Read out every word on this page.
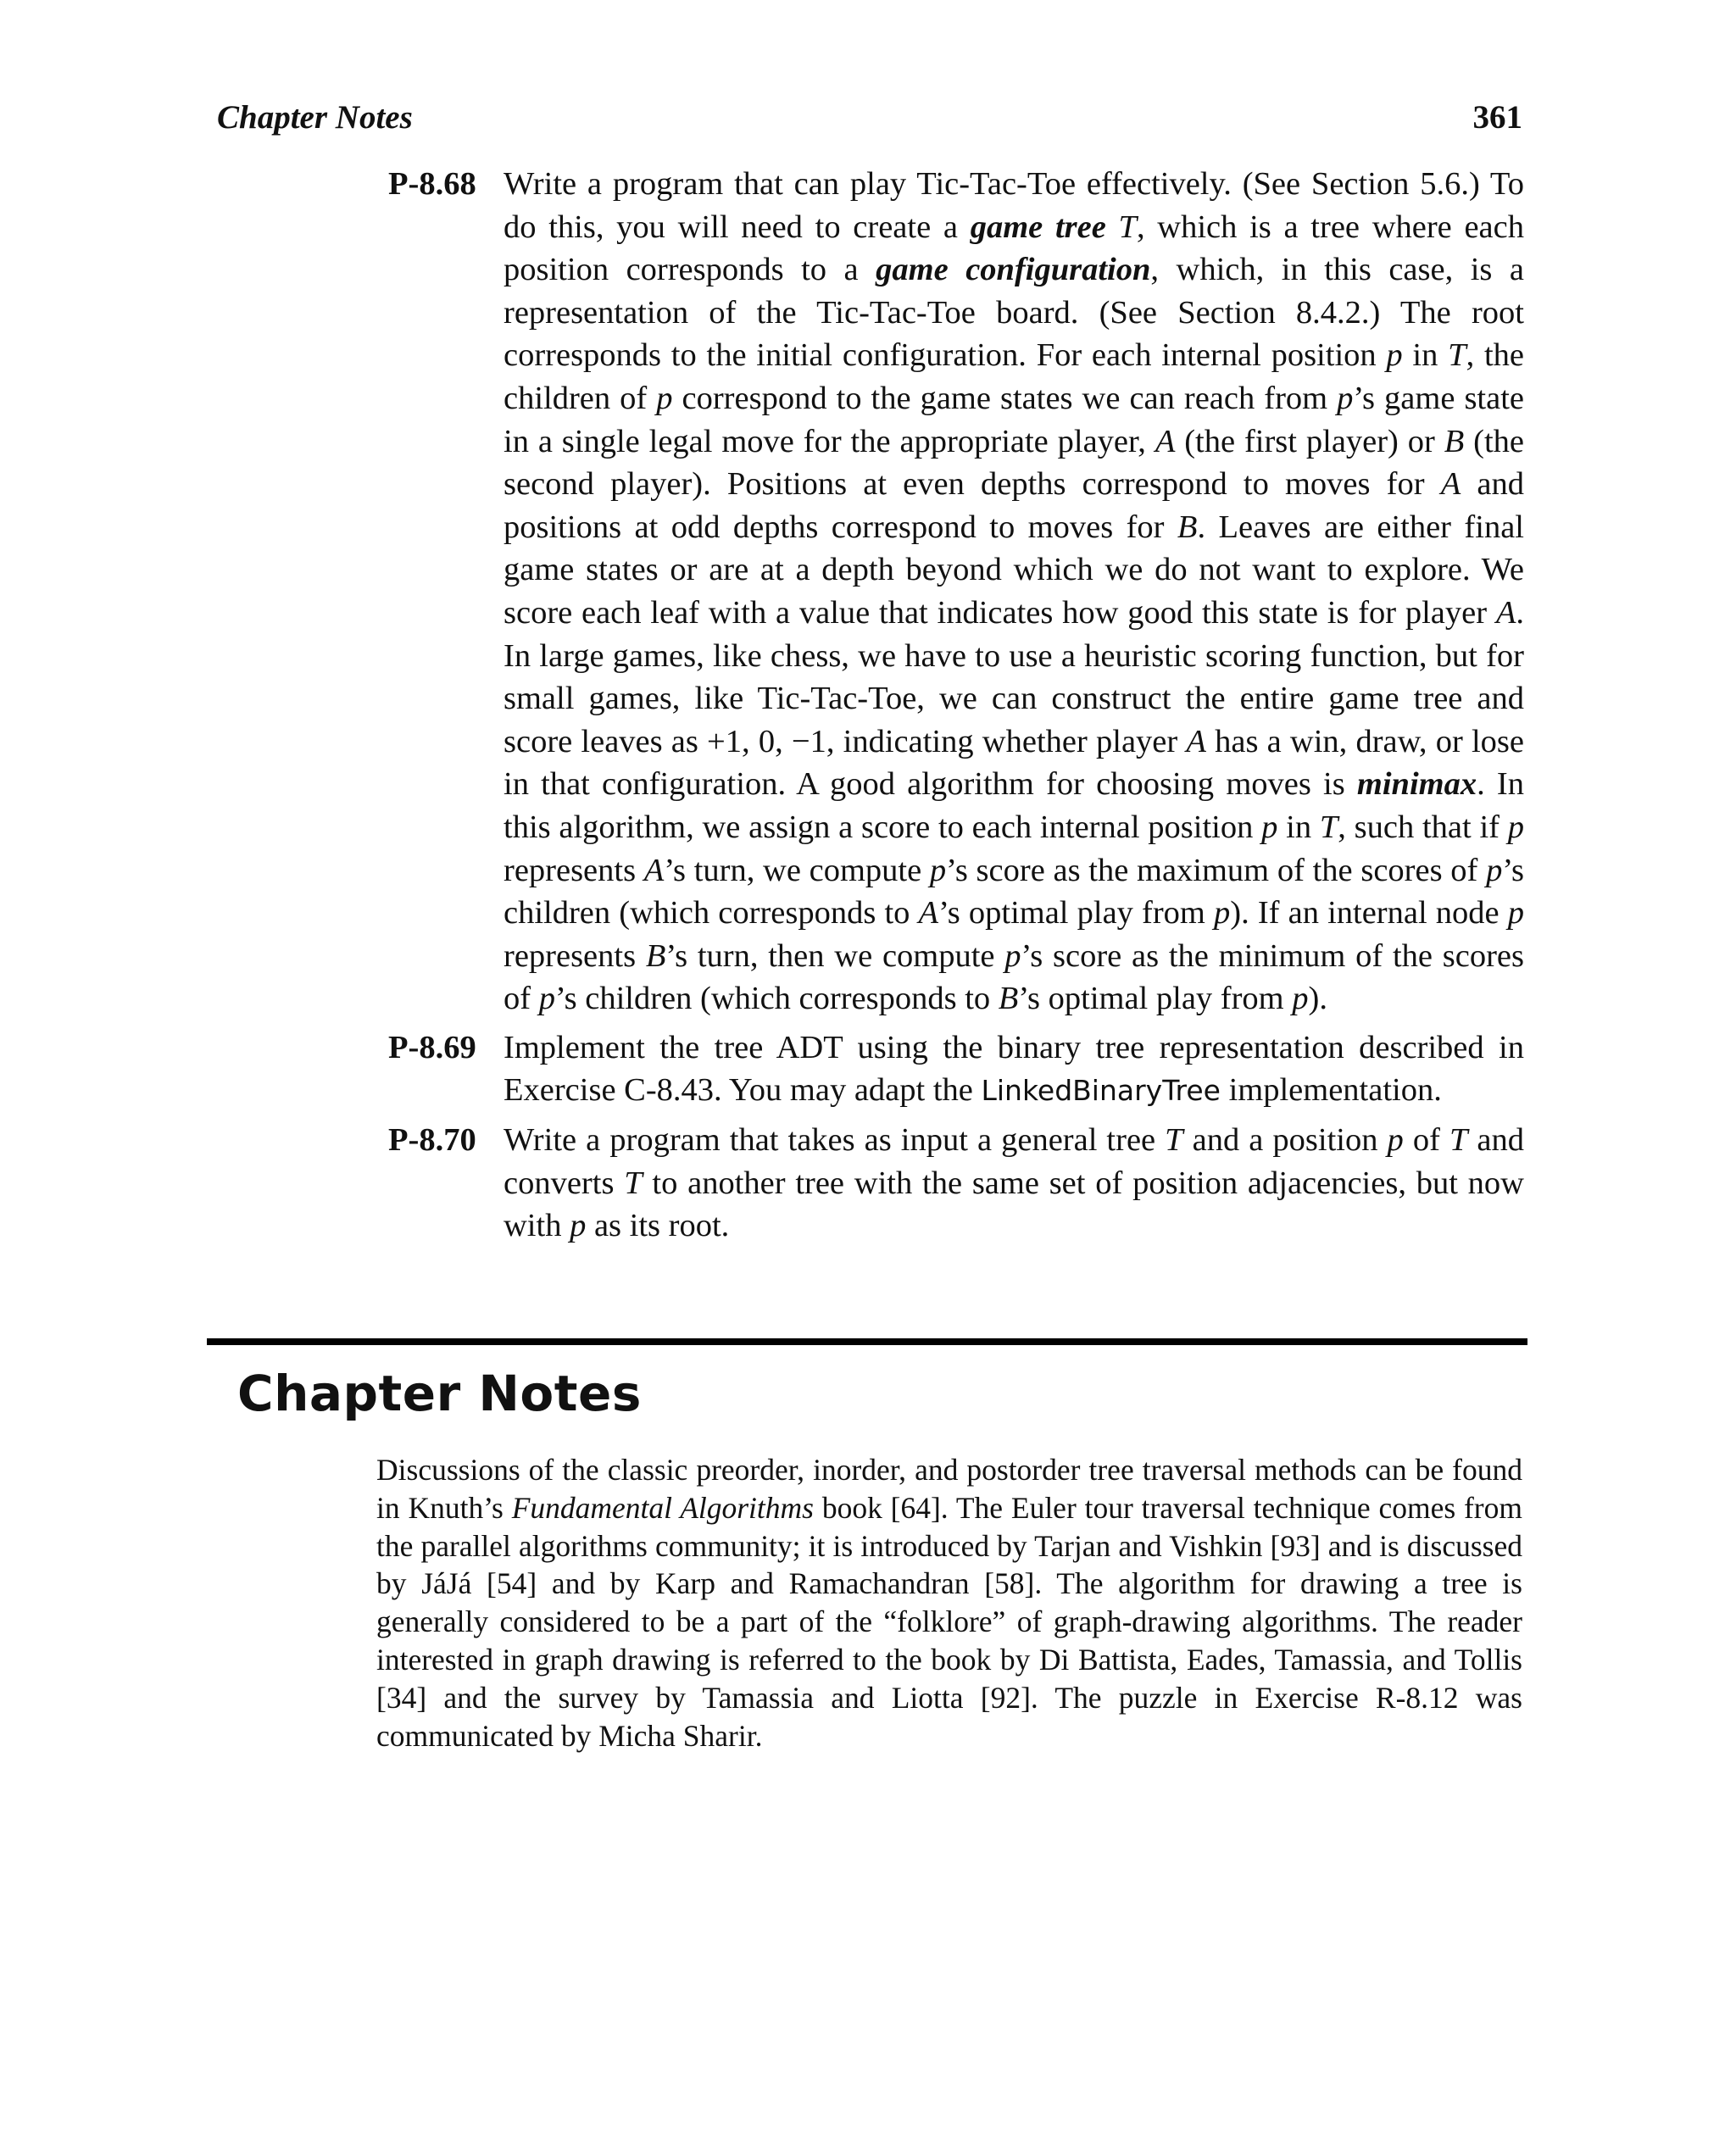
Chapter Notes	361
P-8.68 Write a program that can play Tic-Tac-Toe effectively. (See Section 5.6.) To do this, you will need to create a game tree T, which is a tree where each position corresponds to a game configuration, which, in this case, is a representation of the Tic-Tac-Toe board. (See Section 8.4.2.) The root corresponds to the initial configuration. For each internal position p in T, the children of p correspond to the game states we can reach from p’s game state in a single legal move for the appropriate player, A (the first player) or B (the second player). Positions at even depths correspond to moves for A and positions at odd depths correspond to moves for B. Leaves are either final game states or are at a depth beyond which we do not want to explore. We score each leaf with a value that indicates how good this state is for player A. In large games, like chess, we have to use a heuristic scoring function, but for small games, like Tic-Tac-Toe, we can construct the entire game tree and score leaves as +1, 0, −1, indicating whether player A has a win, draw, or lose in that configuration. A good algorithm for choosing moves is minimax. In this algorithm, we assign a score to each internal position p in T, such that if p represents A’s turn, we compute p’s score as the maximum of the scores of p’s children (which corresponds to A’s optimal play from p). If an internal node p represents B’s turn, then we compute p’s score as the minimum of the scores of p’s children (which corresponds to B’s optimal play from p).
P-8.69 Implement the tree ADT using the binary tree representation described in Exercise C-8.43. You may adapt the LinkedBinaryTree implementation.
P-8.70 Write a program that takes as input a general tree T and a position p of T and converts T to another tree with the same set of position adjacencies, but now with p as its root.
Chapter Notes
Discussions of the classic preorder, inorder, and postorder tree traversal methods can be found in Knuth’s Fundamental Algorithms book [64]. The Euler tour traversal technique comes from the parallel algorithms community; it is introduced by Tarjan and Vishkin [93] and is discussed by JáJá [54] and by Karp and Ramachandran [58]. The algorithm for drawing a tree is generally considered to be a part of the “folklore” of graph-drawing algorithms. The reader interested in graph drawing is referred to the book by Di Battista, Eades, Tamassia, and Tollis [34] and the survey by Tamassia and Liotta [92]. The puzzle in Exercise R-8.12 was communicated by Micha Sharir.
